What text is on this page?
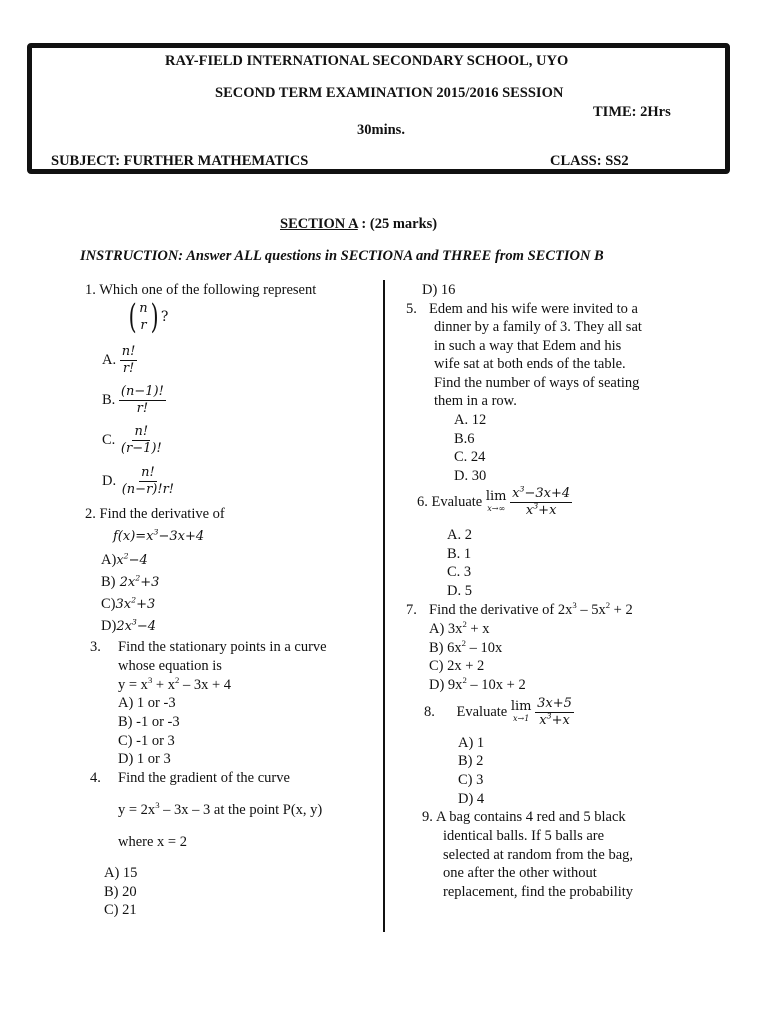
RAY-FIELD INTERNATIONAL SECONDARY SCHOOL, UYO
SECOND TERM EXAMINATION 2015/2016 SESSION
TIME: 2Hrs
30mins.
SUBJECT: FURTHER MATHEMATICS	CLASS: SS2
SECTION A : (25 marks)
INSTRUCTION: Answer ALL questions in SECTIONA and THREE from SECTION B
1. Which one of the following represent
( n
r ) ?
A. $\frac{n!}{r!}$
B. $\frac{(n-1)!}{r!}$
C. $\frac{n!}{(r-1)!}$
D. $\frac{n!}{(n-r)!r!}$
2. Find the derivative of
$f(x)=x^3-3x+4$
$A)x^2-4$
B) $2x^2+3$
$C)3x^2+3$
$D)2x^3-4$
3. Find the stationary points in a curve
whose equation is
$y = x^3 + x^2 - 3x + 4$
A) 1 or -3
B) -1 or -3
C) -1 or 3
D) 1 or 3
4. Find the gradient of the curve
$y = 2x^3 - 3x - 3$ at the point P(x, y)
where x = 2
A) 15
B) 20
C) 21
D) 16
5. Edem and his wife were invited to a
dinner by a family of 3. They all sat
in such a way that Edem and his
wife sat at both ends of the table.
Find the number of ways of seating
them in a row.
A. 12
B.6
C. 24
D. 30
6. Evaluate lim
x→∞
$\frac{x^3-3x+4}{x^3+x}$
A. 2
B. 1
C. 3
D. 5
7. Find the derivative of $2x^3 - 5x^2 + 2$
A) $3x^2 + x$
B) $6x^2 - 10x$
C) 2x + 2
D) $9x^2 - 10x + 2$
8. Evaluate lim
x→1
$\frac{3x+5}{x^3+x}$
A) 1
B) 2
C) 3
D) 4
9. A bag contains 4 red and 5 black
identical balls. If 5 balls are
selected at random from the bag,
one after the other without
replacement, find the probability
